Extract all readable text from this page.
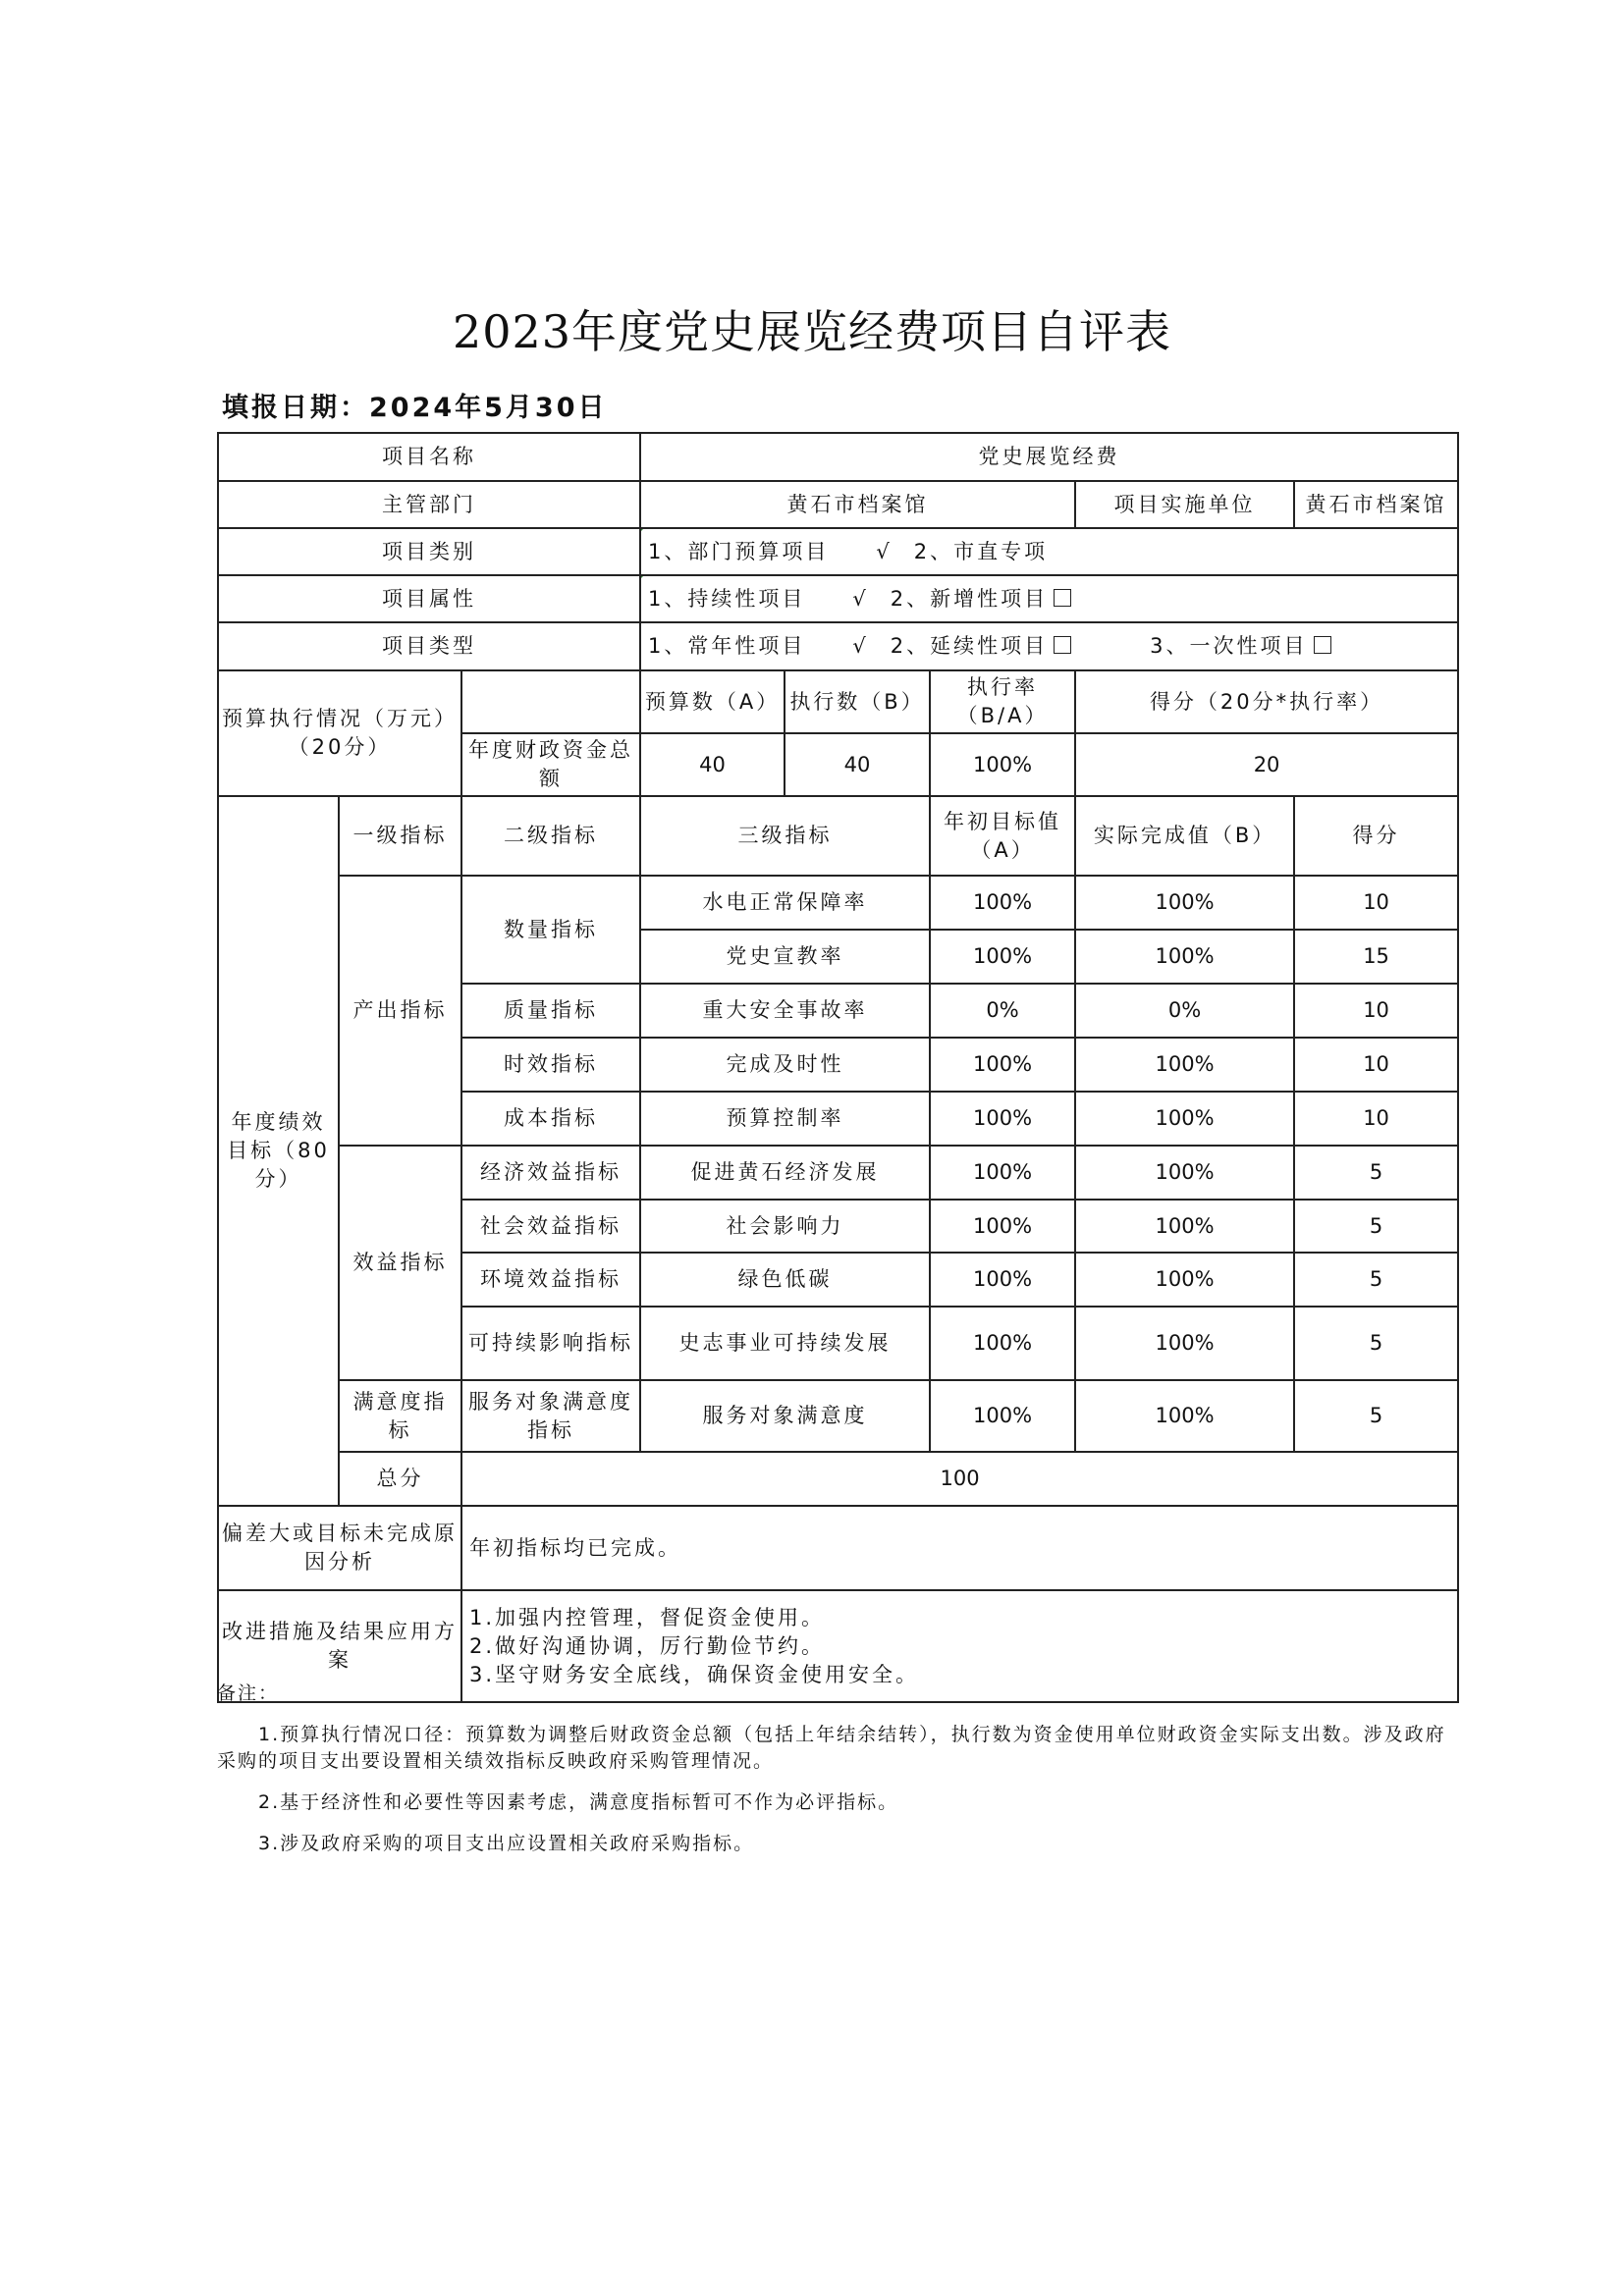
2023年度党史展览经费项目自评表
填报日期：2024年5月30日
项目名称			党史展览经费				
主管部门			黄石市档案馆			项目实施单位	黄石市档案馆
项目类别			1、部门预算项目 √ 2、市直专项				
项目属性			1、持续性项目 √ 2、新增性项目				
项目类型			1、常年性项目 √ 2、延续性项目 3、一次性项目				
预算执行情况（万元）（20分）			预算数（A）	执行数（B）	执行率（B/A）	得分（20分*执行率）	
		年度财政资金总额	40	40	100%	20	
年度绩效目标（80分）	一级指标	二级指标	三级指标		年初目标值（A）	实际完成值（B）	得分
	产出指标	数量指标	水电正常保障率		100%	100%	10
			党史宣教率		100%	100%	15
		质量指标	重大安全事故率		0%	0%	10
		时效指标	完成及时性		100%	100%	10
		成本指标	预算控制率		100%	100%	10
	效益指标	经济效益指标	促进黄石经济发展		100%	100%	5
		社会效益指标	社会影响力		100%	100%	5
		环境效益指标	绿色低碳		100%	100%	5
		可持续影响指标	史志事业可持续发展		100%	100%	5
	满意度指标	服务对象满意度指标	服务对象满意度		100%	100%	5
	总分	100					
偏差大或目标未完成原因分析		年初指标均已完成。					
改进措施及结果应用方案		1.加强内控管理，督促资金使用。
2.做好沟通协调，厉行勤俭节约。
3.坚守财务安全底线，确保资金使用安全。					

备注：

1.预算执行情况口径：预算数为调整后财政资金总额（包括上年结余结转），执行数为资金使用单位财政资金实际支出数。涉及政府采购的项目支出要设置相关绩效指标反映政府采购管理情况。

2.基于经济性和必要性等因素考虑，满意度指标暂可不作为必评指标。

3.涉及政府采购的项目支出应设置相关政府采购指标。
